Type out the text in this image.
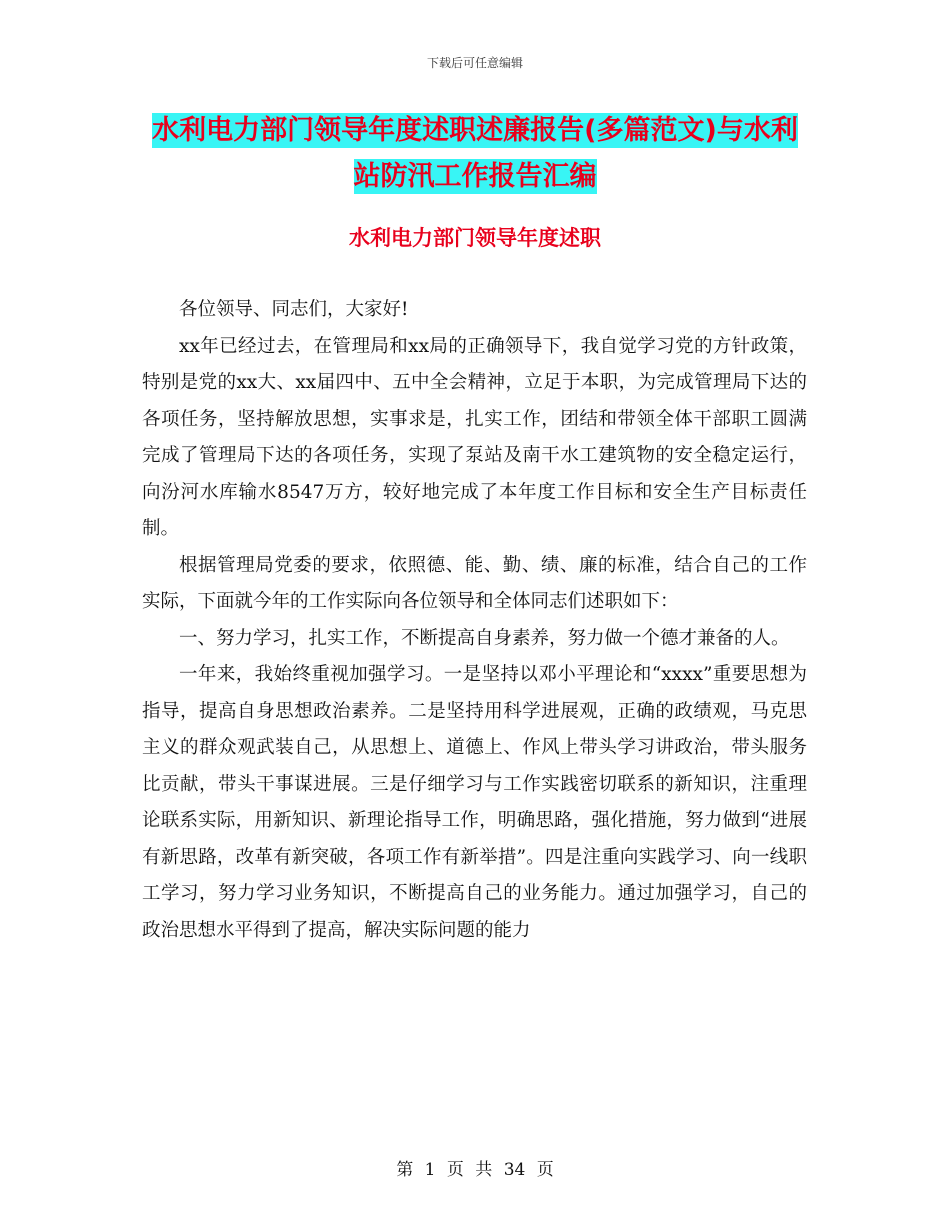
下载后可任意编辑
水利电力部门领导年度述职述廉报告(多篇范文)与水利站防汛工作报告汇编
水利电力部门领导年度述职

各位领导、同志们，大家好!

xx年已经过去，在管理局和xx局的正确领导下，我自觉学习党的方针政策，特别是党的xx大、xx届四中、五中全会精神，立足于本职，为完成管理局下达的各项任务，坚持解放思想，实事求是，扎实工作，团结和带领全体干部职工圆满完成了管理局下达的各项任务，实现了泵站及南干水工建筑物的安全稳定运行，向汾河水库输水8547万方，较好地完成了本年度工作目标和安全生产目标责任制。

根据管理局党委的要求，依照德、能、勤、绩、廉的标准，结合自己的工作实际，下面就今年的工作实际向各位领导和全体同志们述职如下：

一、努力学习，扎实工作，不断提高自身素养，努力做一个德才兼备的人。

一年来，我始终重视加强学习。一是坚持以邓小平理论和“xxxx”重要思想为指导，提高自身思想政治素养。二是坚持用科学进展观，正确的政绩观，马克思主义的群众观武装自己，从思想上、道德上、作风上带头学习讲政治，带头服务比贡献，带头干事谋进展。三是仔细学习与工作实践密切联系的新知识，注重理论联系实际，用新知识、新理论指导工作，明确思路，强化措施，努力做到“进展有新思路，改革有新突破，各项工作有新举措”。四是注重向实践学习、向一线职工学习，努力学习业务知识，不断提高自己的业务能力。通过加强学习，自己的政治思想水平得到了提高，解决实际问题的能力

第 1 页 共 34 页
